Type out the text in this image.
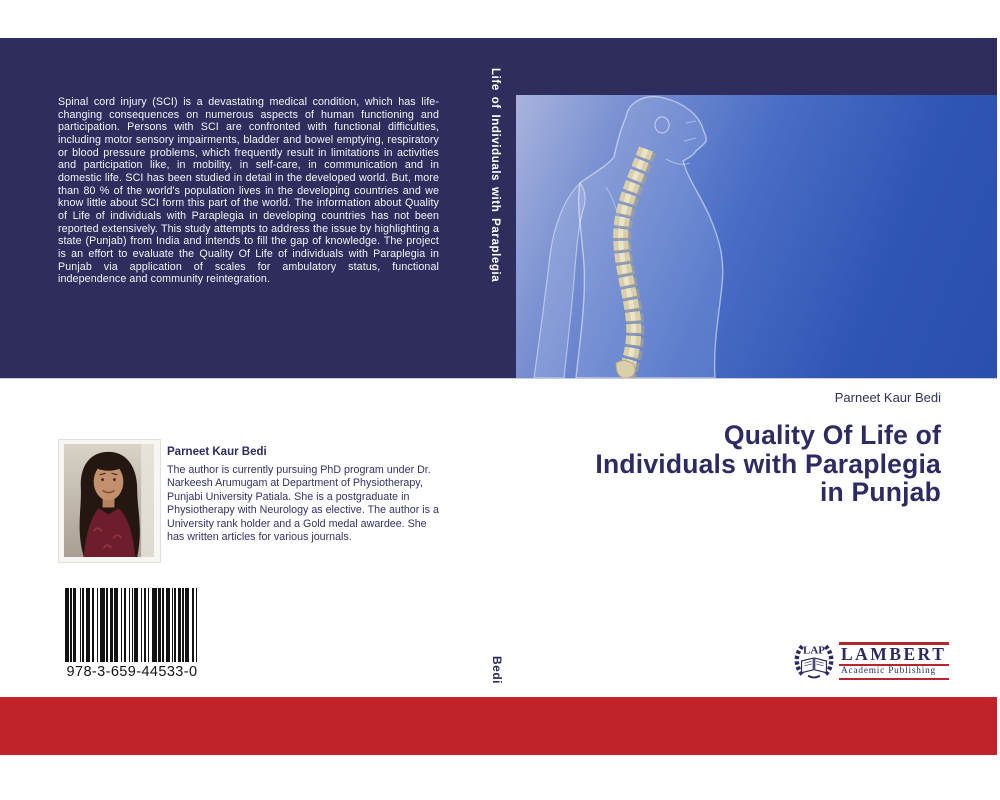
Spinal cord injury (SCI) is a devastating medical condition, which has life-changing consequences on numerous aspects of human functioning and participation. Persons with SCI are confronted with functional difficulties, including motor sensory impairments, bladder and bowel emptying, respiratory or blood pressure problems, which frequently result in limitations in activities and participation like, in mobility, in self-care, in communication and in domestic life. SCI has been studied in detail in the developed world. But, more than 80 % of the world's population lives in the developing countries and we know little about SCI form this part of the world. The information about Quality of Life of individuals with Paraplegia in developing countries has not been reported extensively. This study attempts to address the issue by highlighting a state (Punjab) from India and intends to fill the gap of knowledge. The project is an effort to evaluate the Quality Of Life of individuals with Paraplegia in Punjab via application of scales for ambulatory status, functional independence and community reintegration.	Life of Individuals with Paraplegia
Parneet Kaur Bedi
Quality Of Life of
Individuals with Paraplegia
in Punjab
Parneet Kaur Bedi
The author is currently pursuing PhD program under Dr. Narkeesh Arumugam at Department of Physiotherapy, Punjabi University Patiala. She is a postgraduate in Physiotherapy with Neurology as elective. The author is a University rank holder and a Gold medal awardee. She has written articles for various journals.
978-3-659-44533-0	Bedi
LAP LAMBERT
Academic Publishing
